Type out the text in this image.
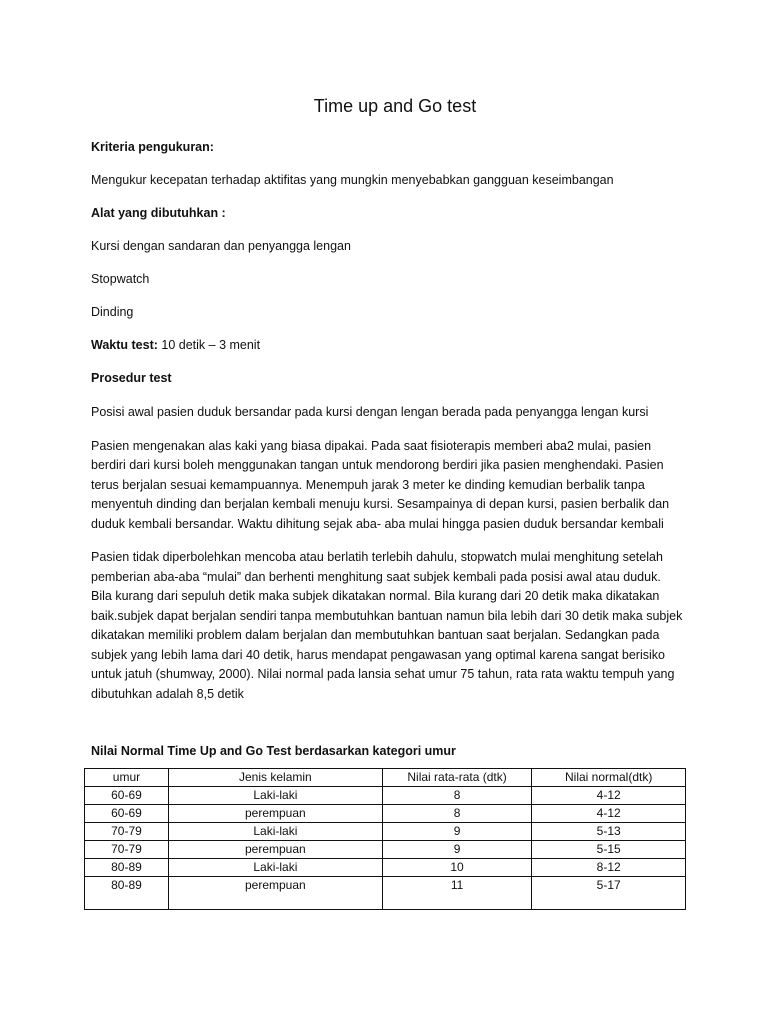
Time up and Go test

Kriteria pengukuran:

Mengukur kecepatan terhadap aktifitas yang mungkin menyebabkan gangguan keseimbangan

Alat yang dibutuhkan :

Kursi dengan sandaran dan penyangga lengan

Stopwatch

Dinding

Waktu test: 10 detik – 3 menit

Prosedur test

Posisi awal pasien duduk bersandar pada kursi dengan lengan berada pada penyangga lengan kursi

Pasien mengenakan alas kaki yang biasa dipakai. Pada saat fisioterapis memberi aba2 mulai, pasien berdiri dari kursi boleh menggunakan tangan untuk mendorong berdiri jika pasien menghendaki. Pasien terus berjalan sesuai kemampuannya. Menempuh jarak 3 meter ke dinding kemudian berbalik tanpa menyentuh dinding dan berjalan kembali menuju kursi. Sesampainya di depan kursi, pasien berbalik dan duduk kembali bersandar. Waktu dihitung sejak aba- aba mulai hingga pasien duduk bersandar kembali

Pasien tidak diperbolehkan mencoba atau berlatih terlebih dahulu, stopwatch mulai menghitung setelah pemberian aba-aba “mulai” dan berhenti menghitung saat subjek kembali pada posisi awal atau duduk. Bila kurang dari sepuluh detik maka subjek dikatakan normal. Bila kurang dari 20 detik maka dikatakan baik.subjek dapat berjalan sendiri tanpa membutuhkan bantuan namun bila lebih dari 30 detik maka subjek dikatakan memiliki problem dalam berjalan dan membutuhkan bantuan saat berjalan. Sedangkan pada subjek yang lebih lama dari 40 detik, harus mendapat pengawasan yang optimal karena sangat berisiko untuk jatuh (shumway, 2000). Nilai normal pada lansia sehat umur 75 tahun, rata rata waktu tempuh yang dibutuhkan adalah 8,5 detik

Nilai Normal Time Up and Go Test berdasarkan kategori umur

umur	Jenis kelamin	Nilai rata-rata (dtk)	Nilai normal(dtk)
60-69	Laki-laki	8	4-12
60-69	perempuan	8	4-12
70-79	Laki-laki	9	5-13
70-79	perempuan	9	5-15
80-89	Laki-laki	10	8-12
80-89	perempuan	11	5-17
